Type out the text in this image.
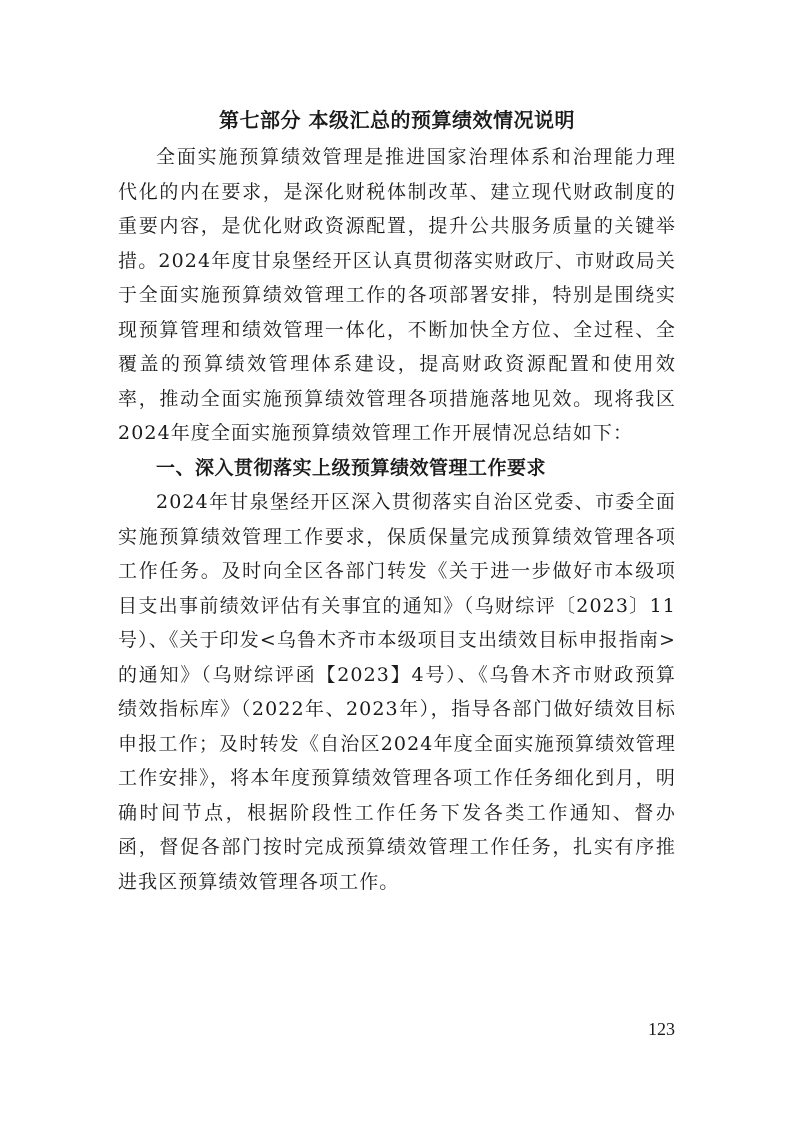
第七部分 本级汇总的预算绩效情况说明

全面实施预算绩效管理是推进国家治理体系和治理能力理代化的内在要求，是深化财税体制改革、建立现代财政制度的重要内容，是优化财政资源配置，提升公共服务质量的关键举措。2024年度甘泉堡经开区认真贯彻落实财政厅、市财政局关于全面实施预算绩效管理工作的各项部署安排，特别是围绕实现预算管理和绩效管理一体化，不断加快全方位、全过程、全覆盖的预算绩效管理体系建设，提高财政资源配置和使用效率，推动全面实施预算绩效管理各项措施落地见效。现将我区2024年度全面实施预算绩效管理工作开展情况总结如下：

一、深入贯彻落实上级预算绩效管理工作要求

2024年甘泉堡经开区深入贯彻落实自治区党委、市委全面实施预算绩效管理工作要求，保质保量完成预算绩效管理各项工作任务。及时向全区各部门转发《关于进一步做好市本级项目支出事前绩效评估有关事宜的通知》（乌财综评〔2023〕11号）、《关于印发<乌鲁木齐市本级项目支出绩效目标申报指南>的通知》（乌财综评函【2023】4号）、《乌鲁木齐市财政预算绩效指标库》（2022年、2023年），指导各部门做好绩效目标申报工作；及时转发《自治区2024年度全面实施预算绩效管理工作安排》，将本年度预算绩效管理各项工作任务细化到月，明确时间节点，根据阶段性工作任务下发各类工作通知、督办函，督促各部门按时完成预算绩效管理工作任务，扎实有序推进我区预算绩效管理各项工作。

123
